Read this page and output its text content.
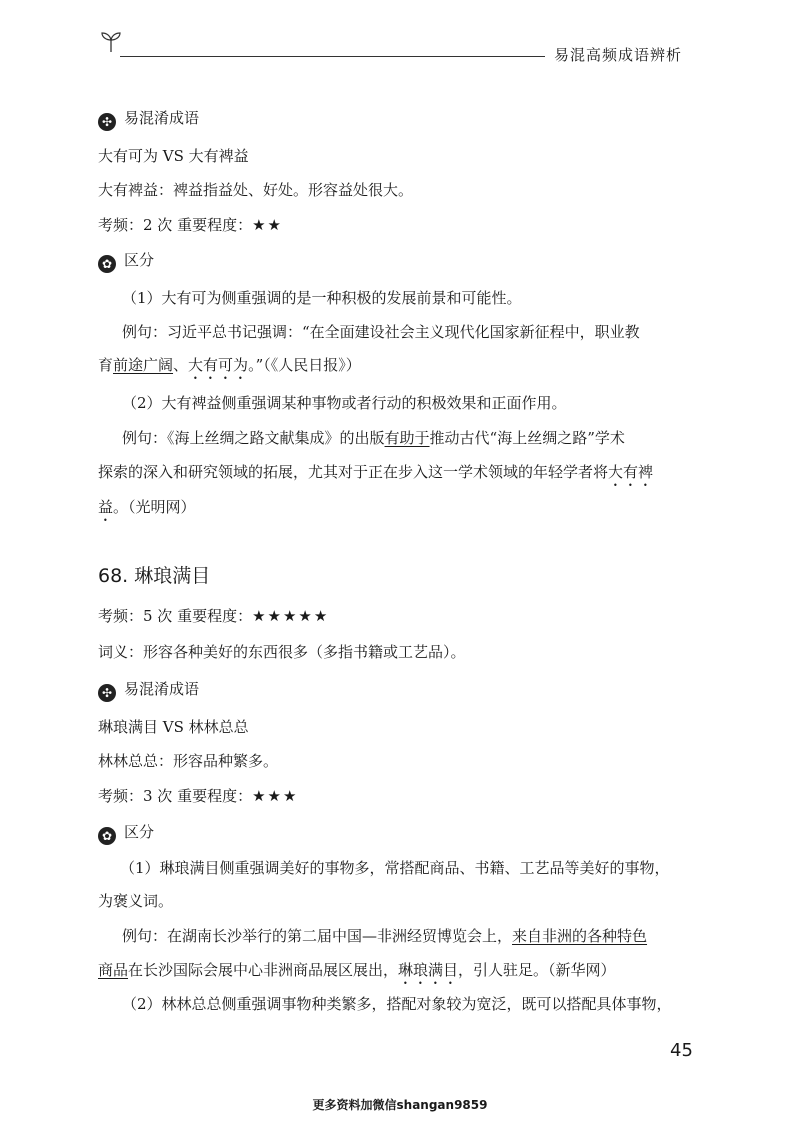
易混高频成语辨析
✣ 易混淆成语
大有可为 VS 大有裨益
大有裨益：裨益指益处、好处。形容益处很大。
考频：2 次 重要程度：★★
✿ 区分
（1）大有可为侧重强调的是一种积极的发展前景和可能性。
例句：习近平总书记强调：“在全面建设社会主义现代化国家新征程中，职业教
育前途广阔、大有可为。”（《人民日报》）
（2）大有裨益侧重强调某种事物或者行动的积极效果和正面作用。
例句：《海上丝绸之路文献集成》的出版有助于推动古代“海上丝绸之路”学术
探索的深入和研究领域的拓展，尤其对于正在步入这一学术领域的年轻学者将大有裨
益。（光明网）
68. 琳琅满目
考频：5 次 重要程度：★★★★★
词义：形容各种美好的东西很多（多指书籍或工艺品）。
✣ 易混淆成语
琳琅满目 VS 林林总总
林林总总：形容品种繁多。
考频：3 次 重要程度：★★★
✿ 区分
（1）琳琅满目侧重强调美好的事物多，常搭配商品、书籍、工艺品等美好的事物，
为褒义词。
例句：在湖南长沙举行的第二届中国—非洲经贸博览会上，来自非洲的各种特色
商品在长沙国际会展中心非洲商品展区展出，琳琅满目，引人驻足。（新华网）
（2）林林总总侧重强调事物种类繁多，搭配对象较为宽泛，既可以搭配具体事物，
45
更多资料加微信shangan9859
